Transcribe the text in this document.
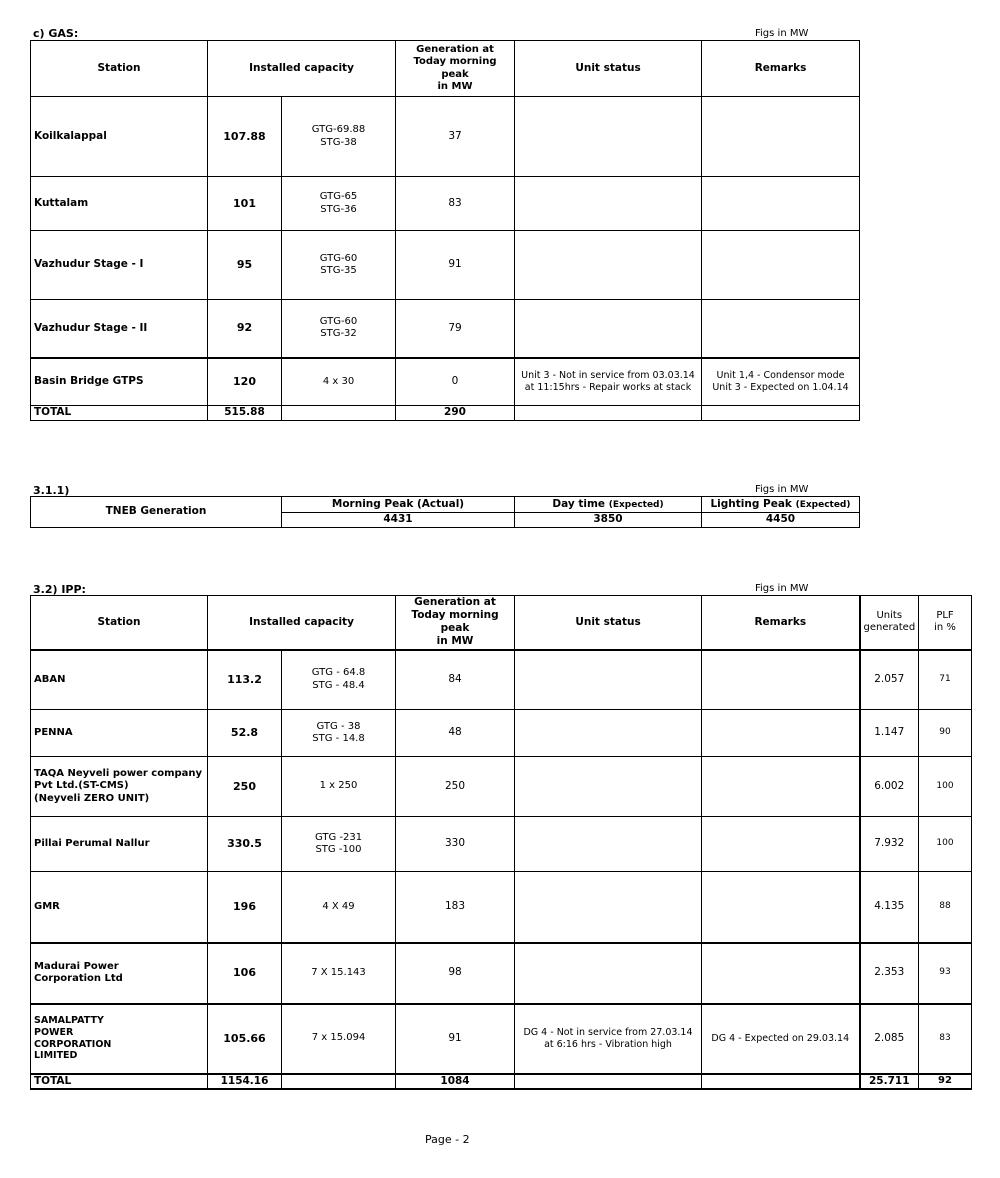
c) GAS:	Figs in MW
Station	Installed capacity		Generation at
Today morning
peak
in MW	Unit status	Remarks
Koilkalappal	107.88	GTG-69.88
STG-38	37		
Kuttalam	101	GTG-65
STG-36	83		
Vazhudur Stage - I	95	GTG-60
STG-35	91		
Vazhudur Stage - II	92	GTG-60
STG-32	79		
Basin Bridge GTPS	120	4 x 30	0	Unit 3 - Not in service from 03.03.14 at 11:15hrs - Repair works at stack	Unit 1,4 - Condensor mode
Unit 3 - Expected on 1.04.14
TOTAL	515.88		290		
3.1.1)	Figs in MW
TNEB Generation	Morning Peak (Actual)	Day time (Expected)	Lighting Peak (Expected)
	4431	3850	4450
3.2) IPP:	Figs in MW
Station	Installed capacity		Generation at
Today morning peak
in MW	Unit status	Remarks	Units
generated	PLF
in %
ABAN	113.2	GTG - 64.8
STG - 48.4	84			2.057	71
PENNA	52.8	GTG - 38
STG - 14.8	48			1.147	90
TAQA Neyveli power company
Pvt Ltd.(ST-CMS)
(Neyveli ZERO UNIT)	250	1 x 250	250			6.002	100
Pillai Perumal Nallur	330.5	GTG -231
STG -100	330			7.932	100
GMR	196	4 X 49	183			4.135	88
Madurai Power
Corporation Ltd	106	7 X 15.143	98			2.353	93
SAMALPATTY
POWER
CORPORATION
LIMITED	105.66	7 x 15.094	91	DG 4 - Not in service from 27.03.14 at 6:16 hrs - Vibration high	DG 4 - Expected on 29.03.14	2.085	83
TOTAL	1154.16		1084			25.711	92
Page - 2
